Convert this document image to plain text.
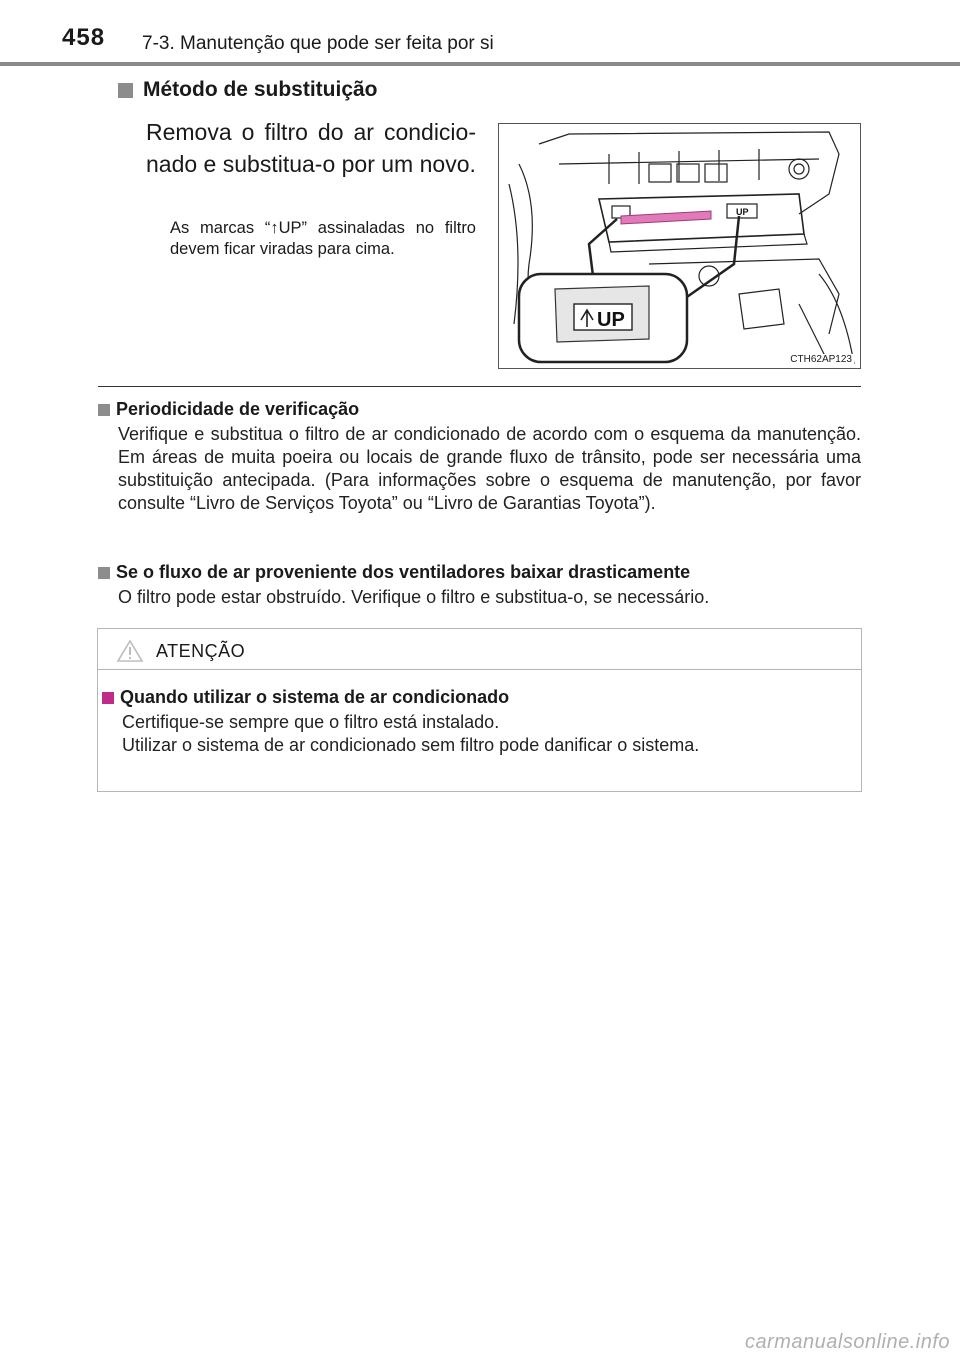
458 7-3. Manutenção que pode ser feita por si
Método de substituição
Remova o filtro do ar condicio- nado e substitua-o por um novo.
As marcas “↑UP” assinaladas no filtro devem ficar viradas para cima.
UP
UP
CTH62AP123
Periodicidade de verificação
Verifique e substitua o filtro de ar condicionado de acordo com o esquema da manutenção. Em áreas de muita poeira ou locais de grande fluxo de trânsito, pode ser necessária uma substituição antecipada. (Para informações sobre o esquema de manutenção, por favor consulte “Livro de Serviços Toyota” ou “Livro de Garantias Toyota”).
Se o fluxo de ar proveniente dos ventiladores baixar drasticamente
O filtro pode estar obstruído. Verifique o filtro e substitua-o, se necessário.
ATENÇÃO
Quando utilizar o sistema de ar condicionado
Certifique-se sempre que o filtro está instalado.
Utilizar o sistema de ar condicionado sem filtro pode danificar o sistema.
carmanualsonline.info
